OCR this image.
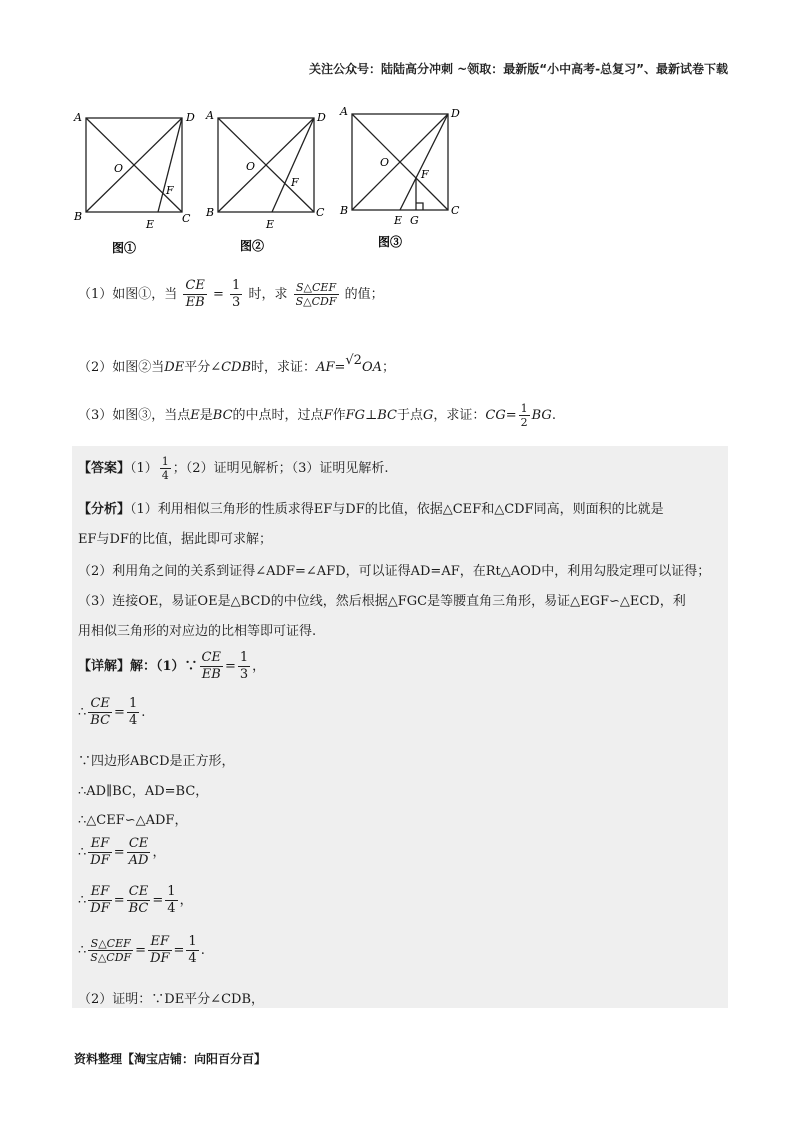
关注公众号：陆陆高分冲刺 ~领取：最新版“小中高考-总复习”、最新试卷下载
A	D
O
F
B
E	C
图①
A	D
O
F
B
E
C
图②
A	D
O
F
B
E G
C
图③
（1）如图①，当 $\frac{CE}{EB} = \frac{1}{3}$ 时，求 $\frac{\text{S△CEF}}{\text{S△CDF}}$ 的值；
（2）如图②当DE平分∠CDB时，求证：AF=√2OA；
（3）如图③，当点E是BC的中点时，过点F作FG⊥BC于点G，求证：$CG= \frac{1}{2}$ BG.
【答案】$(1) \frac{1}{4}$ ；（2）证明见解析；（3）证明见解析.
【分析】（1）利用相似三角形的性质求得EF与DF的比值，依据△CEF和△CDF同高，则面积的比就是
EF与DF的比值，据此即可求解；
（2）利用角之间的关系到证得∠ADF=∠AFD，可以证得AD=AF，在Rt△AOD中，利用勾股定理可以证得；
（3）连接OE，易证OE是△BCD的中位线，然后根据△FGC是等腰直角三角形，易证△EGF∽△ECD，利
用相似三角形的对应边的比相等即可证得.
【详解】解：（1）∵ $\frac{CE}{EB} = \frac{1}{3}$ ，
∴ $\frac{CE}{BC} = \frac{1}{4}$ .
∵四边形ABCD是正方形，
∴AD∥BC，AD=BC，
∴△CEF∽△ADF，
∴ $\frac{EF}{DF} = \frac{CE}{AD}$ ，
∴ $\frac{EF}{DF} = \frac{CE}{BC} = \frac{1}{4}$ ，
∴ $\frac{\text{S△CEF}}{\text{S△CDF}} = \frac{EF}{DF} = \frac{1}{4}$ .
（2）证明：∵DE平分∠CDB，
资料整理【淘宝店铺：向阳百分百】
